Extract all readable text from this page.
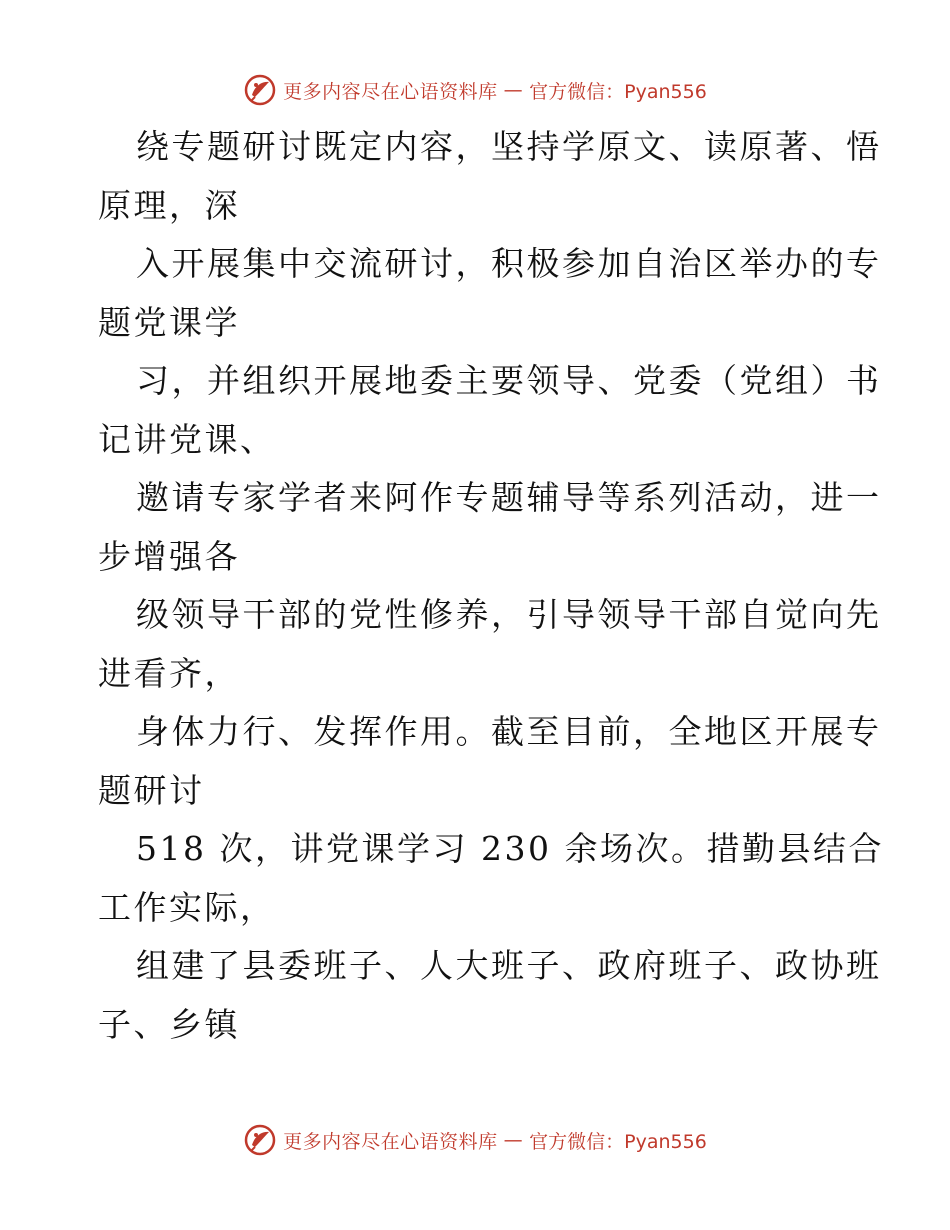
更多内容尽在心语资料库 — 官方微信：Pyan556

绕专题研讨既定内容，坚持学原文、读原著、悟
原理，深

入开展集中交流研讨，积极参加自治区举办的专
题党课学

习，并组织开展地委主要领导、党委（党组）书
记讲党课、

邀请专家学者来阿作专题辅导等系列活动，进一
步增强各

级领导干部的党性修养，引导领导干部自觉向先
进看齐，

身体力行、发挥作用。截至目前，全地区开展专
题研讨

518 次，讲党课学习 230 余场次。措勤县结合
工作实际，

组建了县委班子、人大班子、政府班子、政协班
子、乡镇

更多内容尽在心语资料库 — 官方微信：Pyan556
